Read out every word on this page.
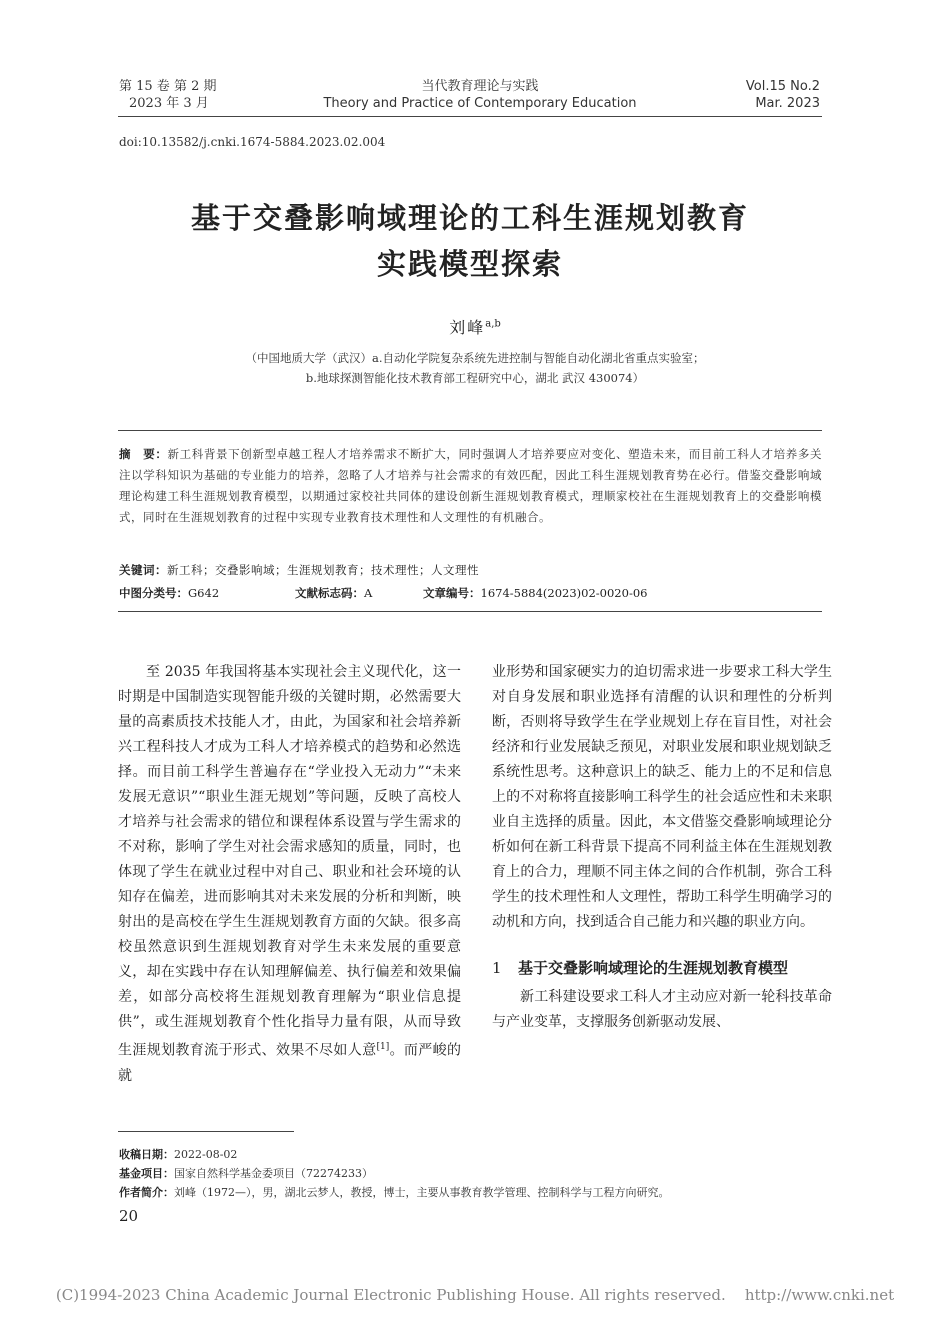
第 15 卷 第 2 期
2023 年 3 月
当代教育理论与实践
Theory and Practice of Contemporary Education
Vol.15 No.2
Mar. 2023
doi:10.13582/j.cnki.1674-5884.2023.02.004
基于交叠影响域理论的工科生涯规划教育
实践模型探索
刘峰$^{a,b}$
（中国地质大学（武汉）a.自动化学院复杂系统先进控制与智能自动化湖北省重点实验室；
b.地球探测智能化技术教育部工程研究中心，湖北 武汉 430074）
摘　要：新工科背景下创新型卓越工程人才培养需求不断扩大，同时强调人才培养要应对变化、塑造未来，而目前工科人才培养多关注以学科知识为基础的专业能力的培养，忽略了人才培养与社会需求的有效匹配，因此工科生涯规划教育势在必行。借鉴交叠影响域理论构建工科生涯规划教育模型，以期通过家校社共同体的建设创新生涯规划教育模式，理顺家校社在生涯规划教育上的交叠影响模式，同时在生涯规划教育的过程中实现专业教育技术理性和人文理性的有机融合。
关键词：新工科；交叠影响域；生涯规划教育；技术理性；人文理性
中图分类号：G642	文献标志码：A	文章编号：1674-5884(2023)02-0020-06

至 2035 年我国将基本实现社会主义现代化，这一时期是中国制造实现智能升级的关键时期，必然需要大量的高素质技术技能人才，由此，为国家和社会培养新兴工程科技人才成为工科人才培养模式的趋势和必然选择。而目前工科学生普遍存在“学业投入无动力”“未来发展无意识”“职业生涯无规划”等问题，反映了高校人才培养与社会需求的错位和课程体系设置与学生需求的不对称，影响了学生对社会需求感知的质量，同时，也体现了学生在就业过程中对自己、职业和社会环境的认知存在偏差，进而影响其对未来发展的分析和判断，映射出的是高校在学生生涯规划教育方面的欠缺。很多高校虽然意识到生涯规划教育对学生未来发展的重要意义，却在实践中存在认知理解偏差、执行偏差和效果偏差，如部分高校将生涯规划教育理解为“职业信息提供”，或生涯规划教育个性化指导力量有限，从而导致生涯规划教育流于形式、效果不尽如人意[1]。而严峻的就

业形势和国家硬实力的迫切需求进一步要求工科大学生对自身发展和职业选择有清醒的认识和理性的分析判断，否则将导致学生在学业规划上存在盲目性，对社会经济和行业发展缺乏预见，对职业发展和职业规划缺乏系统性思考。这种意识上的缺乏、能力上的不足和信息上的不对称将直接影响工科学生的社会适应性和未来职业自主选择的质量。因此，本文借鉴交叠影响域理论分析如何在新工科背景下提高不同利益主体在生涯规划教育上的合力，理顺不同主体之间的合作机制，弥合工科学生的技术理性和人文理性，帮助工科学生明确学习的动机和方向，找到适合自己能力和兴趣的职业方向。

1	基于交叠影响域理论的生涯规划教育模型

新工科建设要求工科人才主动应对新一轮科技革命与产业变革，支撑服务创新驱动发展、

收稿日期：2022-08-02
基金项目：国家自然科学基金委项目（72274233）
作者简介：刘峰（1972—），男，湖北云梦人，教授，博士，主要从事教育教学管理、控制科学与工程方向研究。
20
(C)1994-2023 China Academic Journal Electronic Publishing House. All rights reserved.    http://www.cnki.net
